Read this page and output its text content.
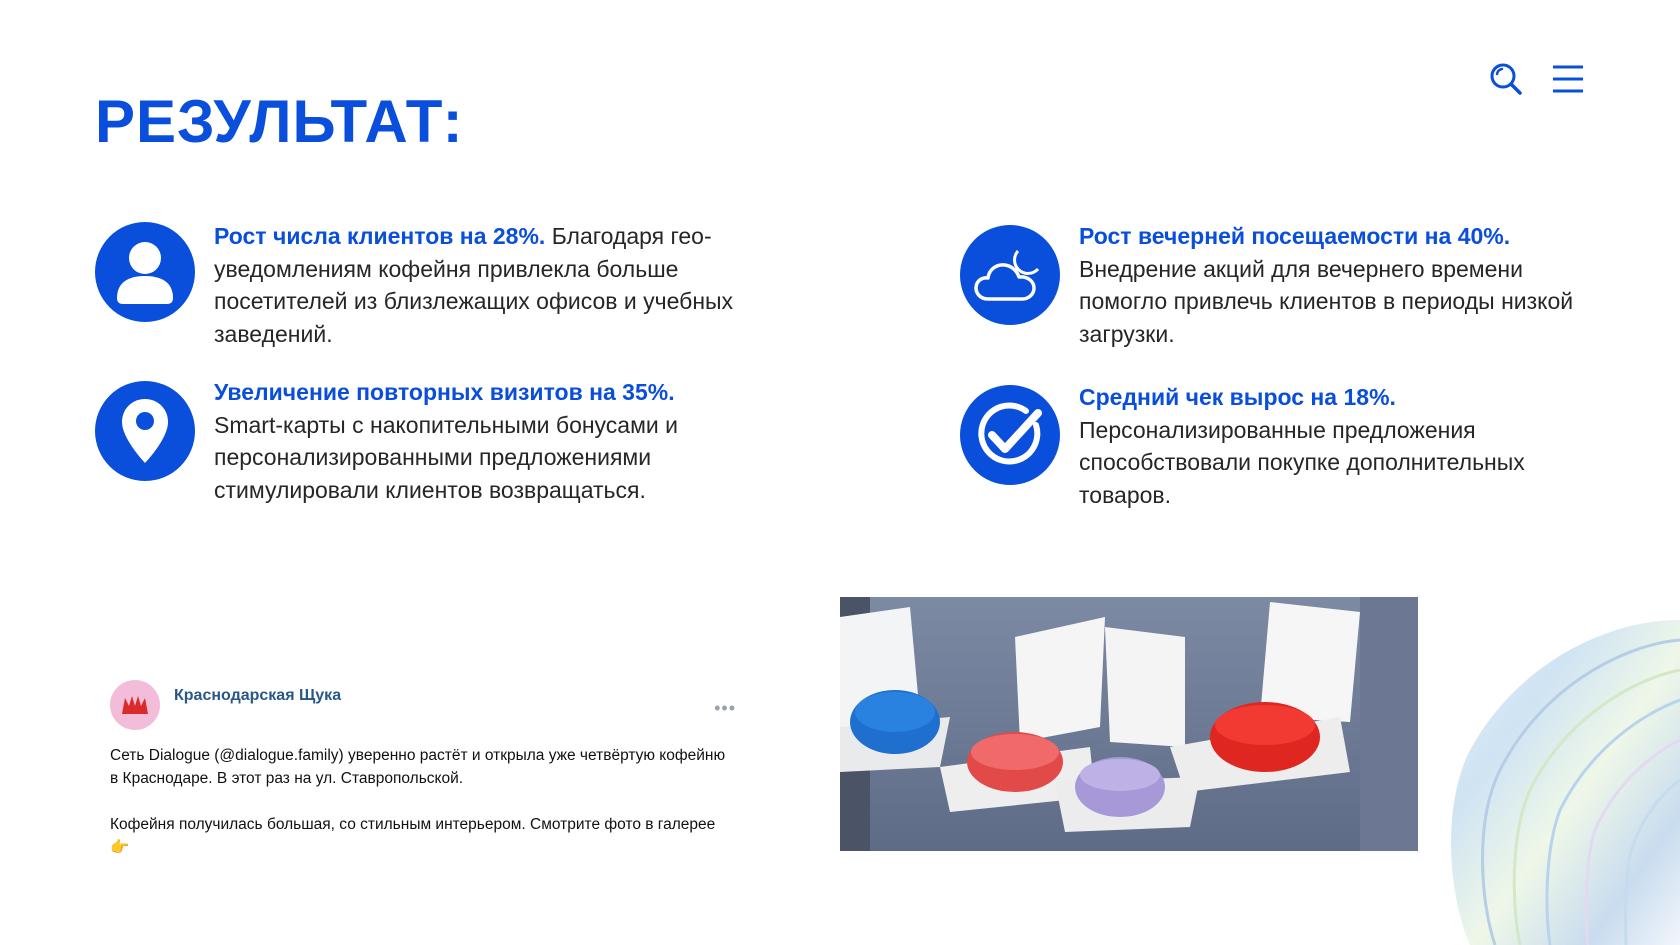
РЕЗУЛЬТАТ:
Рост числа клиентов на 28%. Благодаря гео-уведомлениям кофейня привлекла больше посетителей из близлежащих офисов и учебных заведений.
Увеличение повторных визитов на 35%.
Smart-карты с накопительными бонусами и персонализированными предложениями стимулировали клиентов возвращаться.
Рост вечерней посещаемости на 40%.
Внедрение акций для вечернего времени помогло привлечь клиентов в периоды низкой загрузки.
Средний чек вырос на 18%.
Персонализированные предложения способствовали покупке дополнительных товаров.
Краснодарская Щука
•••

Сеть Dialogue (@dialogue.family) уверенно растёт и открыла уже четвёртую кофейню в Краснодаре. В этот раз на ул. Ставропольской.

Кофейня получилась большая, со стильным интерьером. Смотрите фото в галерее 👉
